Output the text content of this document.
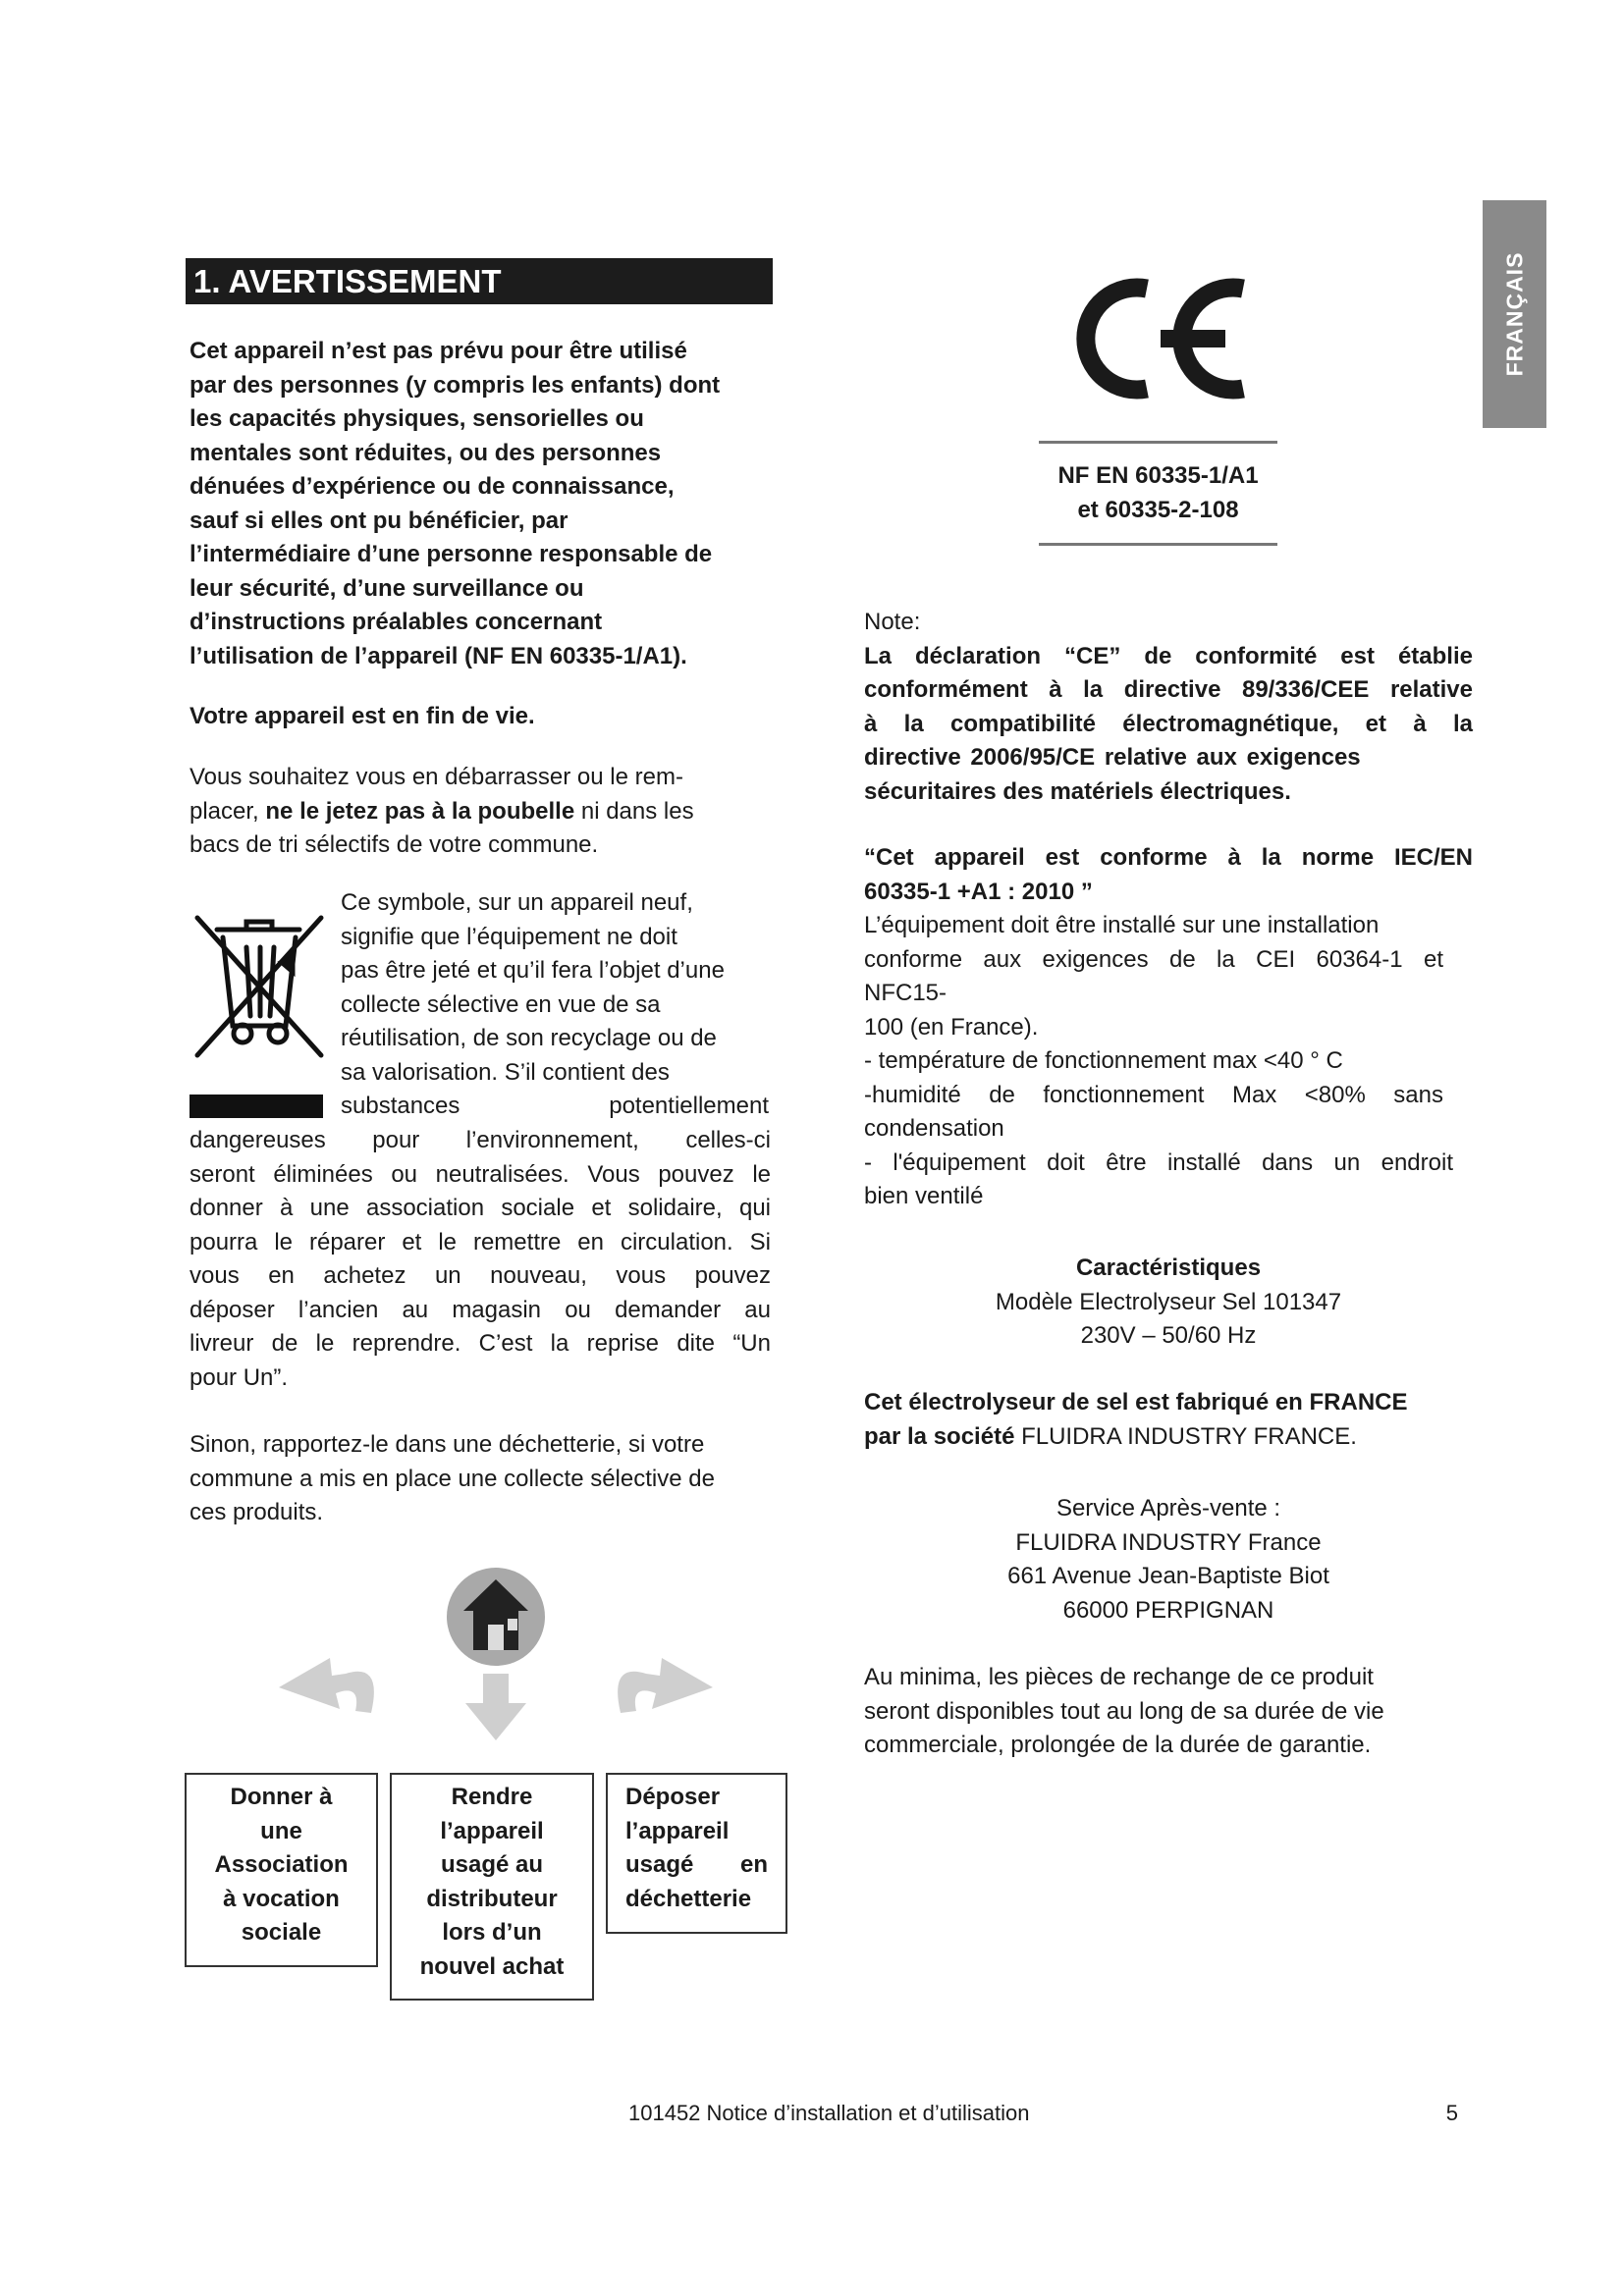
1. AVERTISSEMENT	FRANÇAIS

Cet appareil n’est pas prévu pour être utilisé

par des personnes (y compris les enfants) dont

les capacités physiques, sensorielles ou

mentales sont réduites, ou des personnes

dénuées d’expérience ou de connaissance,

sauf si elles ont pu bénéficier, par

l’intermédiaire d’une personne responsable de

leur sécurité, d’une surveillance ou

d’instructions préalables concernant

l’utilisation de l’appareil (NF EN 60335-1/A1).

Votre appareil est en fin de vie.

Vous souhaitez vous en débarrasser ou le rem-

placer, ne le jetez pas à la poubelle ni dans les

bacs de tri sélectifs de votre commune.

Ce symbole, sur un appareil neuf,

signifie que l’équipement ne doit

pas être jeté et qu’il fera l’objet d’une

collecte sélective en vue de sa

réutilisation, de son recyclage ou de

sa valorisation. S’il contient des

substances potentiellement

dangereuses pour l’environnement, celles-ci

seront éliminées ou neutralisées. Vous pouvez le

donner à une association sociale et solidaire, qui

pourra le réparer et le remettre en circulation. Si

vous en achetez un nouveau, vous pouvez

déposer l’ancien au magasin ou demander au

livreur de le reprendre. C’est la reprise dite “Un

pour Un”.

Sinon, rapportez-le dans une déchetterie, si votre

commune a mis en place une collecte sélective de

ces produits.

Donner à

une

Association

à vocation

sociale

Rendre

l’appareil

usagé au

distributeur

lors d’un

nouvel achat

Déposer

l’appareil

usagé en

déchetterie

NF EN 60335-1/A1

et 60335-2-108

Note:

La déclaration “CE” de conformité est établie

conformément à la directive 89/336/CEE relative

à la compatibilité électromagnétique, et à la

directive 2006/95/CE relative aux exigences

sécuritaires des matériels électriques.

“Cet appareil est conforme à la norme IEC/EN

60335-1 +A1 : 2010 ”

L’équipement doit être installé sur une installation

conforme aux exigences de la CEI 60364-1 et

NFC15-

100 (en France).

- température de fonctionnement max <40 ° C

-humidité de fonctionnement Max <80% sans

condensation

- l'équipement doit être installé dans un endroit

bien ventilé

Caractéristiques

Modèle Electrolyseur Sel 101347

230V – 50/60 Hz

Cet électrolyseur de sel est fabriqué en FRANCE

par la société FLUIDRA INDUSTRY FRANCE.

Service Après-vente :

FLUIDRA INDUSTRY France

661 Avenue Jean-Baptiste Biot

66000 PERPIGNAN

Au minima, les pièces de rechange de ce produit

seront disponibles tout au long de sa durée de vie

commerciale, prolongée de la durée de garantie.

101452 Notice d’installation et d’utilisation	5
